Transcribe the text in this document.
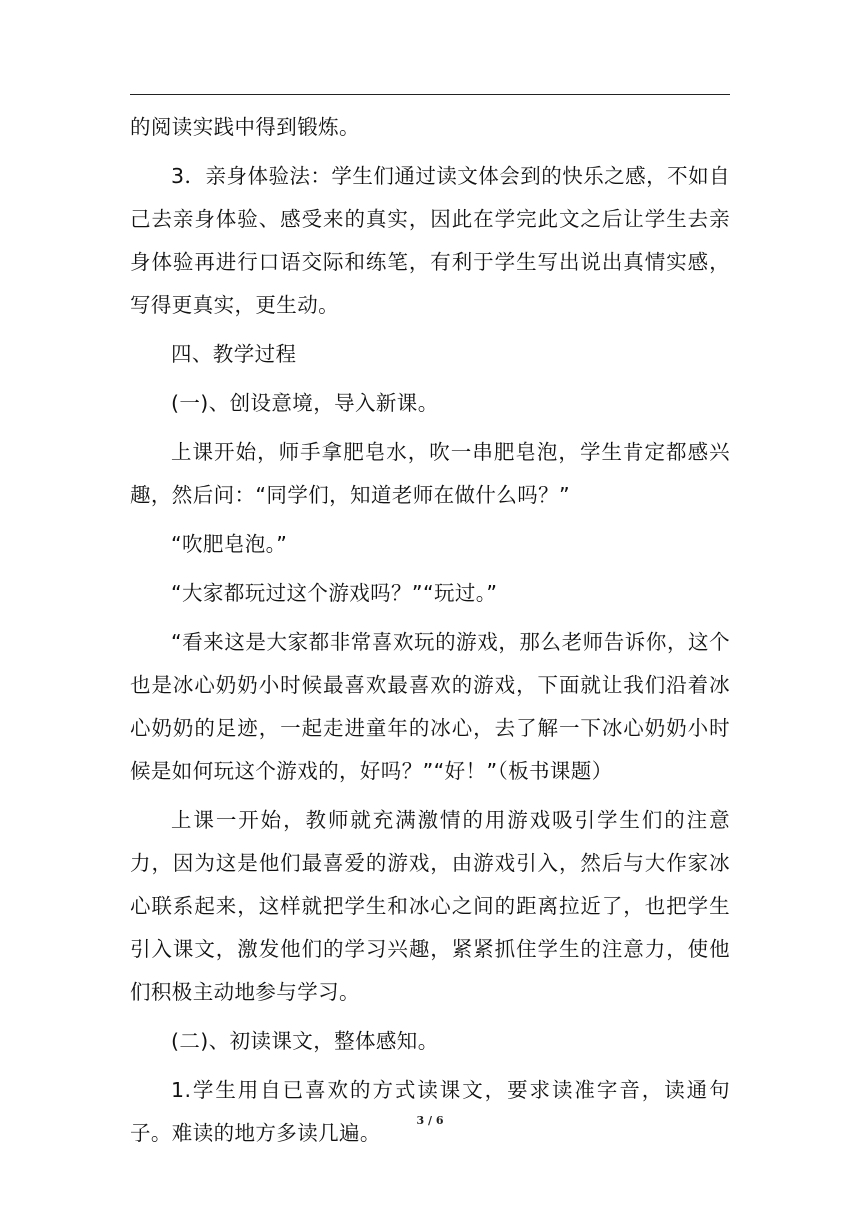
的阅读实践中得到锻炼。

3．亲身体验法：学生们通过读文体会到的快乐之感，不如自己去亲身体验、感受来的真实，因此在学完此文之后让学生去亲身体验再进行口语交际和练笔，有利于学生写出说出真情实感，写得更真实，更生动。

四、教学过程

(一)、创设意境，导入新课。

上课开始，师手拿肥皂水，吹一串肥皂泡，学生肯定都感兴趣，然后问：“同学们，知道老师在做什么吗？”

“吹肥皂泡。”

“大家都玩过这个游戏吗？”“玩过。”

“看来这是大家都非常喜欢玩的游戏，那么老师告诉你，这个也是冰心奶奶小时候最喜欢最喜欢的游戏，下面就让我们沿着冰心奶奶的足迹，一起走进童年的冰心，去了解一下冰心奶奶小时候是如何玩这个游戏的，好吗？”“好！”（板书课题）

上课一开始，教师就充满激情的用游戏吸引学生们的注意力，因为这是他们最喜爱的游戏，由游戏引入，然后与大作家冰心联系起来，这样就把学生和冰心之间的距离拉近了，也把学生引入课文，激发他们的学习兴趣，紧紧抓住学生的注意力，使他们积极主动地参与学习。

(二)、初读课文，整体感知。

1.学生用自已喜欢的方式读课文，要求读准字音，读通句子。难读的地方多读几遍。

3 / 6
